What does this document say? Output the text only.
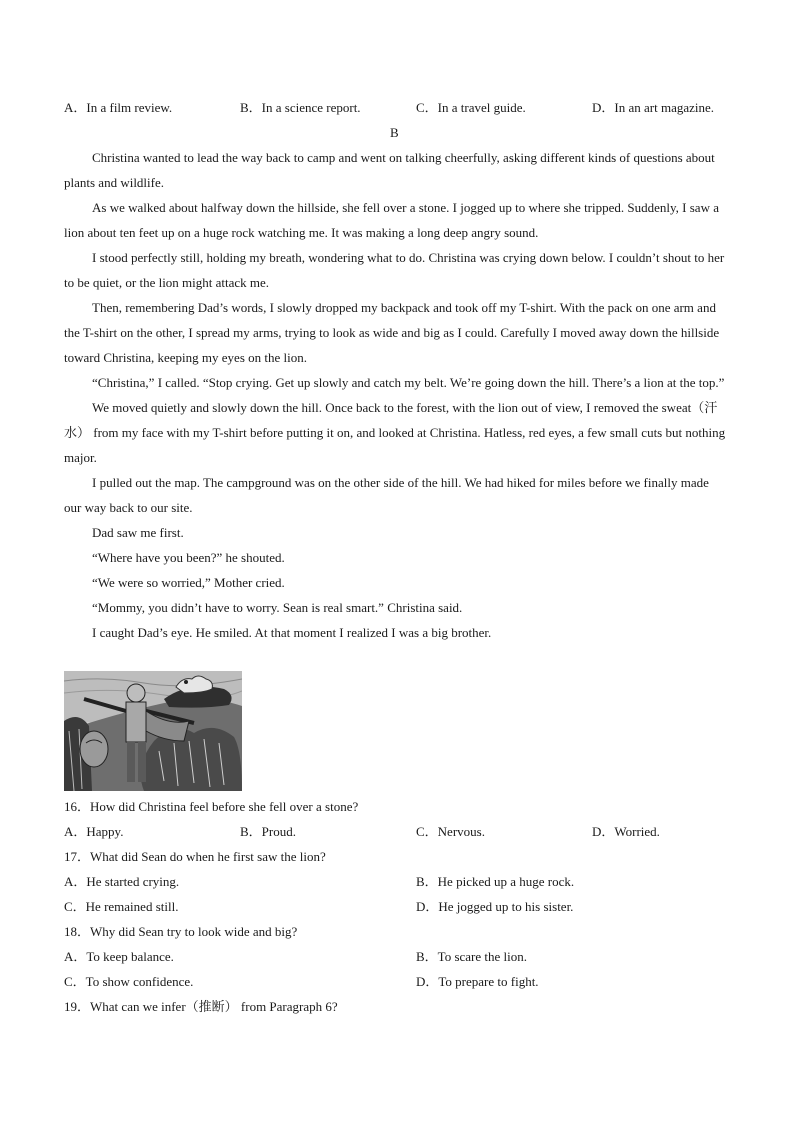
A．In a film review.	B．In a science report.	C．In a travel guide.	D．In an art magazine.
B

Christina wanted to lead the way back to camp and went on talking cheerfully, asking different kinds of questions about plants and wildlife.

As we walked about halfway down the hillside, she fell over a stone. I jogged up to where she tripped. Suddenly, I saw a lion about ten feet up on a huge rock watching me. It was making a long deep angry sound.

I stood perfectly still, holding my breath, wondering what to do. Christina was crying down below. I couldn’t shout to her to be quiet, or the lion might attack me.

Then, remembering Dad’s words, I slowly dropped my backpack and took off my T-shirt. With the pack on one arm and the T-shirt on the other, I spread my arms, trying to look as wide and big as I could. Carefully I moved away down the hillside toward Christina, keeping my eyes on the lion.

“Christina,” I called. “Stop crying. Get up slowly and catch my belt. We’re going down the hill. There’s a lion at the top.”

We moved quietly and slowly down the hill. Once back to the forest, with the lion out of view, I removed the sweat（汗水） from my face with my T-shirt before putting it on, and looked at Christina. Hatless, red eyes, a few small cuts but nothing major.

I pulled out the map. The campground was on the other side of the hill. We had hiked for miles before we finally made our way back to our site.

Dad saw me first.

“Where have you been?” he shouted.

“We were so worried,” Mother cried.

“Mommy, you didn’t have to worry. Sean is real smart.” Christina said.

I caught Dad’s eye. He smiled. At that moment I realized I was a big brother.

16．How did Christina feel before she fell over a stone?
A．Happy.	B．Proud.	C．Nervous.	D．Worried.
17．What did Sean do when he first saw the lion?
A．He started crying.	B．He picked up a huge rock.
C．He remained still.	D．He jogged up to his sister.
18．Why did Sean try to look wide and big?
A．To keep balance.	B．To scare the lion.
C．To show confidence.	D．To prepare to fight.
19．What can we infer（推断） from Paragraph 6?
